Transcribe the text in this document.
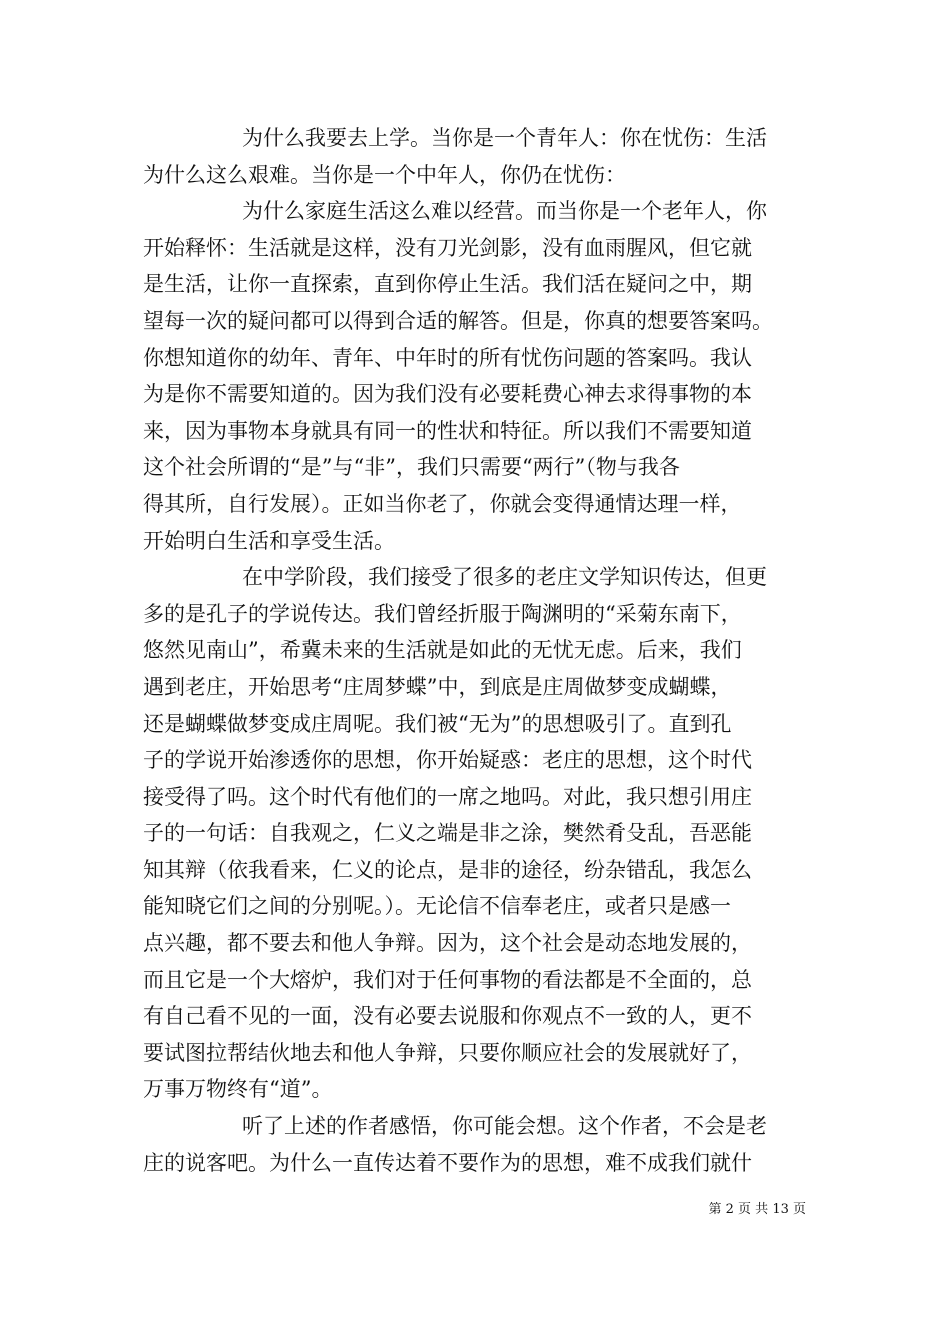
为什么我要去上学。当你是一个青年人：你在忧伤：生活
为什么这么艰难。当你是一个中年人，你仍在忧伤：
为什么家庭生活这么难以经营。而当你是一个老年人，你
开始释怀：生活就是这样，没有刀光剑影，没有血雨腥风，但它就
是生活，让你一直探索，直到你停止生活。我们活在疑问之中，期
望每一次的疑问都可以得到合适的解答。但是，你真的想要答案吗。
你想知道你的幼年、青年、中年时的所有忧伤问题的答案吗。我认
为是你不需要知道的。因为我们没有必要耗费心神去求得事物的本
来，因为事物本身就具有同一的性状和特征。所以我们不需要知道
这个社会所谓的“是”与“非”，我们只需要“两行”（物与我各
得其所，自行发展）。正如当你老了，你就会变得通情达理一样，
开始明白生活和享受生活。
在中学阶段，我们接受了很多的老庄文学知识传达，但更
多的是孔子的学说传达。我们曾经折服于陶渊明的“采菊东南下，
悠然见南山”，希冀未来的生活就是如此的无忧无虑。后来，我们
遇到老庄，开始思考“庄周梦蝶”中，到底是庄周做梦变成蝴蝶，
还是蝴蝶做梦变成庄周呢。我们被“无为”的思想吸引了。直到孔
子的学说开始渗透你的思想，你开始疑惑：老庄的思想，这个时代
接受得了吗。这个时代有他们的一席之地吗。对此，我只想引用庄
子的一句话：自我观之，仁义之端是非之涂，樊然肴殳乱，吾恶能
知其辩（依我看来，仁义的论点，是非的途径，纷杂错乱，我怎么
能知晓它们之间的分别呢。）。无论信不信奉老庄，或者只是感一
点兴趣，都不要去和他人争辩。因为，这个社会是动态地发展的，
而且它是一个大熔炉，我们对于任何事物的看法都是不全面的，总
有自己看不见的一面，没有必要去说服和你观点不一致的人，更不
要试图拉帮结伙地去和他人争辩，只要你顺应社会的发展就好了，
万事万物终有“道”。
听了上述的作者感悟，你可能会想。这个作者，不会是老
庄的说客吧。为什么一直传达着不要作为的思想，难不成我们就什
第 2 页 共 13 页
